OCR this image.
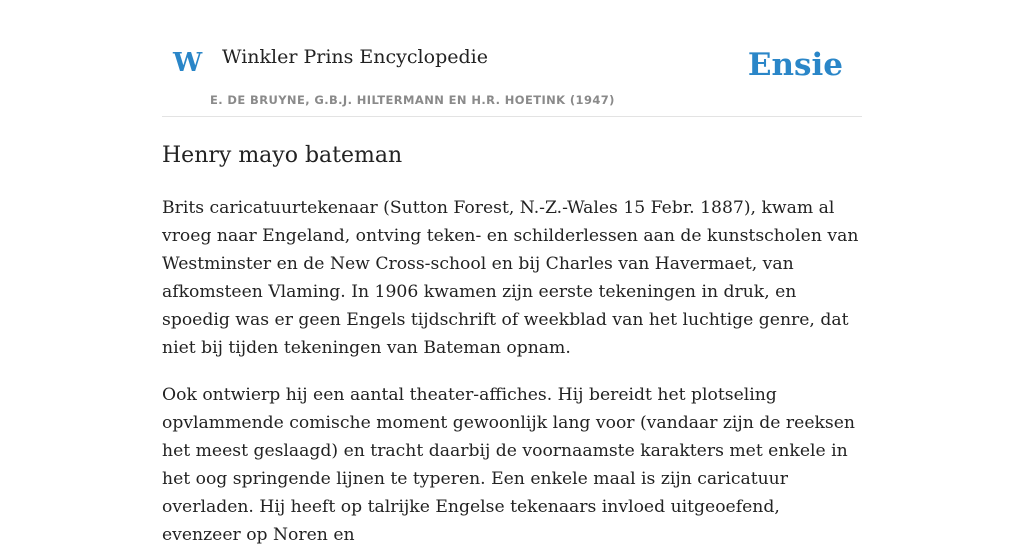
W Winkler Prins Encyclopedie
E. DE BRUYNE, G.B.J. HILTERMANN EN H.R. HOETINK (1947)
Ensie
Henry mayo bateman

Brits caricatuurtekenaar (Sutton Forest, N.-Z.-Wales 15 Febr. 1887), kwam al vroeg naar Engeland, ontving teken- en schilderlessen aan de kunstscholen van Westminster en de New Cross-school en bij Charles van Havermaet, van afkomsteen Vlaming. In 1906 kwamen zijn eerste tekeningen in druk, en spoedig was er geen Engels tijdschrift of weekblad van het luchtige genre, dat niet bij tijden tekeningen van Bateman opnam.

Ook ontwierp hij een aantal theater-affiches. Hij bereidt het plotseling opvlammende comische moment gewoonlijk lang voor (vandaar zijn de reeksen het meest geslaagd) en tracht daarbij de voornaamste karakters met enkele in het oog springende lijnen te typeren. Een enkele maal is zijn caricatuur overladen. Hij heeft op talrijke Engelse tekenaars invloed uitgeoefend, evenzeer op Noren en
